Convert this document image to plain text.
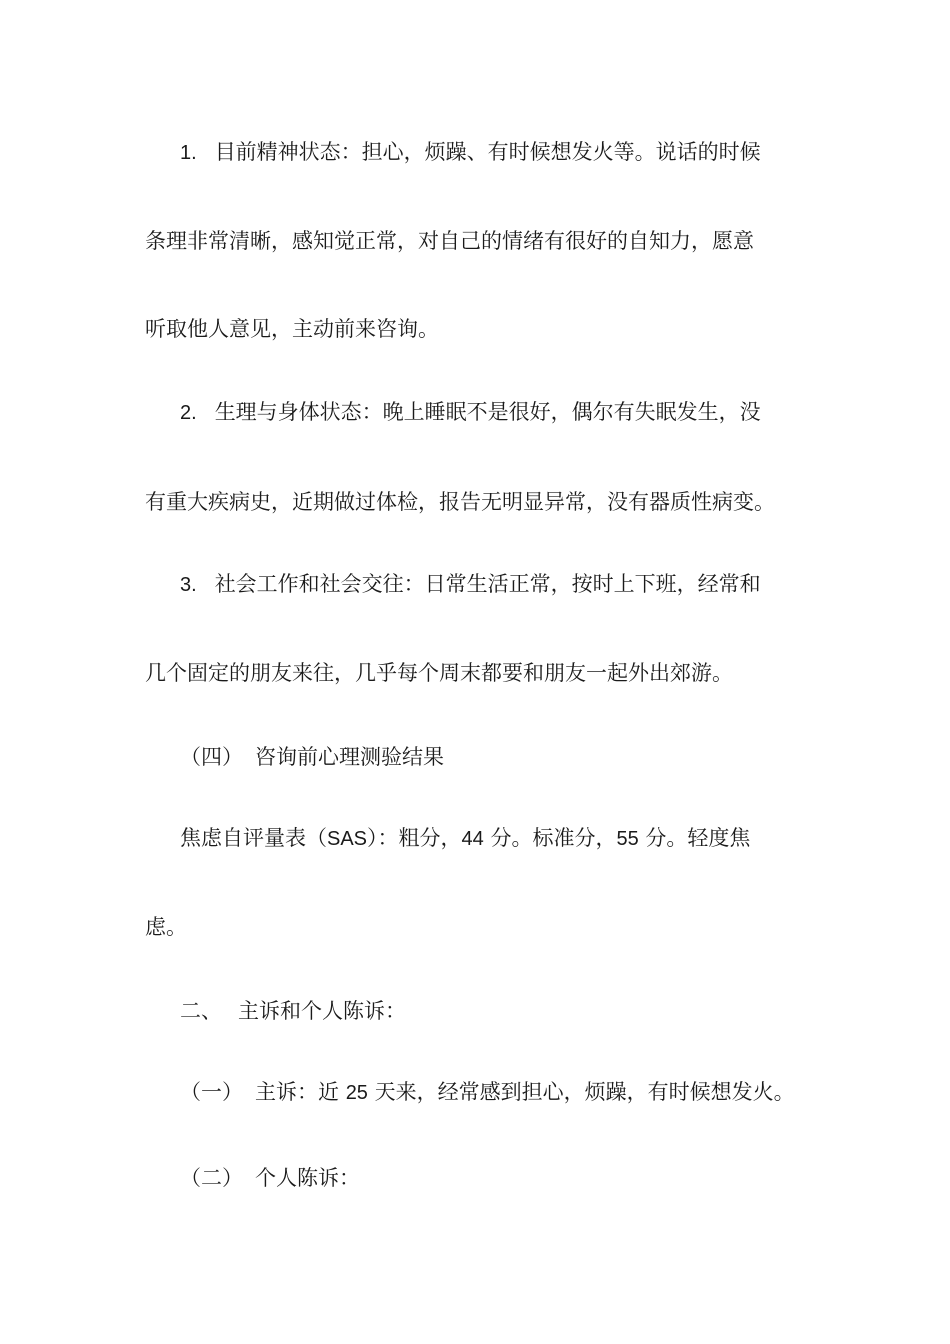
1. 目前精神状态：担心，烦躁、有时候想发火等。说话的时候
条理非常清晰，感知觉正常，对自己的情绪有很好的自知力，愿意
听取他人意见，主动前来咨询。
2. 生理与身体状态：晚上睡眠不是很好，偶尔有失眠发生，没
有重大疾病史，近期做过体检，报告无明显异常，没有器质性病变。
3. 社会工作和社会交往：日常生活正常，按时上下班，经常和
几个固定的朋友来往，几乎每个周末都要和朋友一起外出郊游。
（四） 咨询前心理测验结果
焦虑自评量表（SAS）：粗分，44 分。标准分，55 分。轻度焦
虑。
二、 主诉和个人陈诉：
（一） 主诉：近 25 天来，经常感到担心，烦躁，有时候想发火。
（二） 个人陈诉：
